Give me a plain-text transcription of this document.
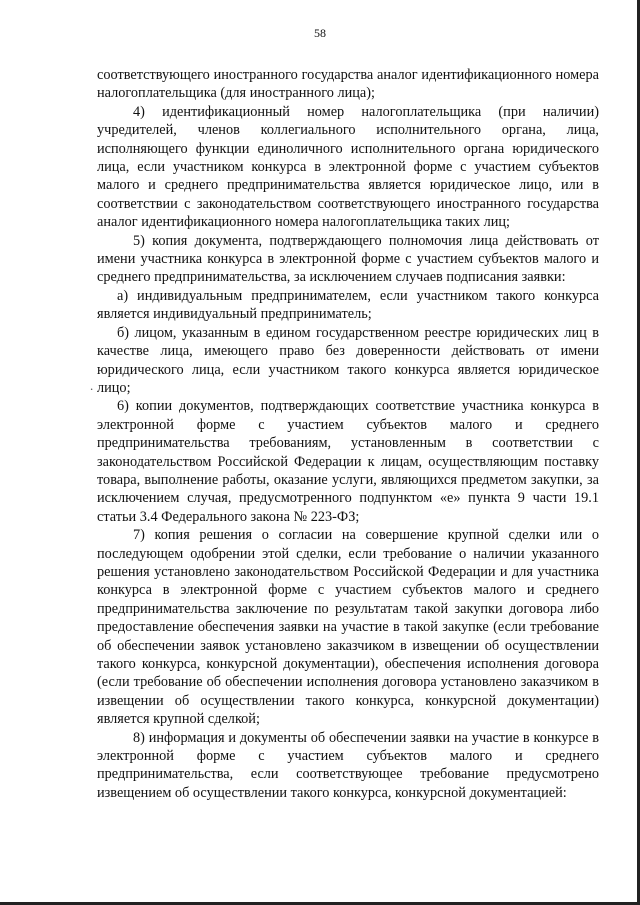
58
.

соответствующего иностранного государства аналог идентификационного номера налогоплательщика (для иностранного лица);

4) идентификационный номер налогоплательщика (при наличии) учредителей, членов коллегиального исполнительного органа, лица, исполняющего функции единоличного исполнительного органа юридического лица, если участником конкурса в электронной форме с участием субъектов малого и среднего предпринимательства является юридическое лицо, или в соответствии с законодательством соответствующего иностранного государства аналог идентификационного номера налогоплательщика таких лиц;

5) копия документа, подтверждающего полномочия лица действовать от имени участника конкурса в электронной форме с участием субъектов малого и среднего предпринимательства, за исключением случаев подписания заявки:

а) индивидуальным предпринимателем, если участником такого конкурса является индивидуальный предприниматель;

б) лицом, указанным в едином государственном реестре юридических лиц в качестве лица, имеющего право без доверенности действовать от имени юридического лица, если участником такого конкурса является юридическое лицо;

6) копии документов, подтверждающих соответствие участника конкурса в электронной форме с участием субъектов малого и среднего предпринимательства требованиям, установленным в соответствии с законодательством Российской Федерации к лицам, осуществляющим поставку товара, выполнение работы, оказание услуги, являющихся предметом закупки, за исключением случая, предусмотренного подпунктом «е» пункта 9 части 19.1 статьи 3.4 Федерального закона № 223-ФЗ;

7) копия решения о согласии на совершение крупной сделки или о последующем одобрении этой сделки, если требование о наличии указанного решения установлено законодательством Российской Федерации и для участника конкурса в электронной форме с участием субъектов малого и среднего предпринимательства заключение по результатам такой закупки договора либо предоставление обеспечения заявки на участие в такой закупке (если требование об обеспечении заявок установлено заказчиком в извещении об осуществлении такого конкурса, конкурсной документации), обеспечения исполнения договора (если требование об обеспечении исполнения договора установлено заказчиком в извещении об осуществлении такого конкурса, конкурсной документации) является крупной сделкой;

8) информация и документы об обеспечении заявки на участие в конкурсе в электронной форме с участием субъектов малого и среднего предпринимательства, если соответствующее требование предусмотрено извещением об осуществлении такого конкурса, конкурсной документацией:
